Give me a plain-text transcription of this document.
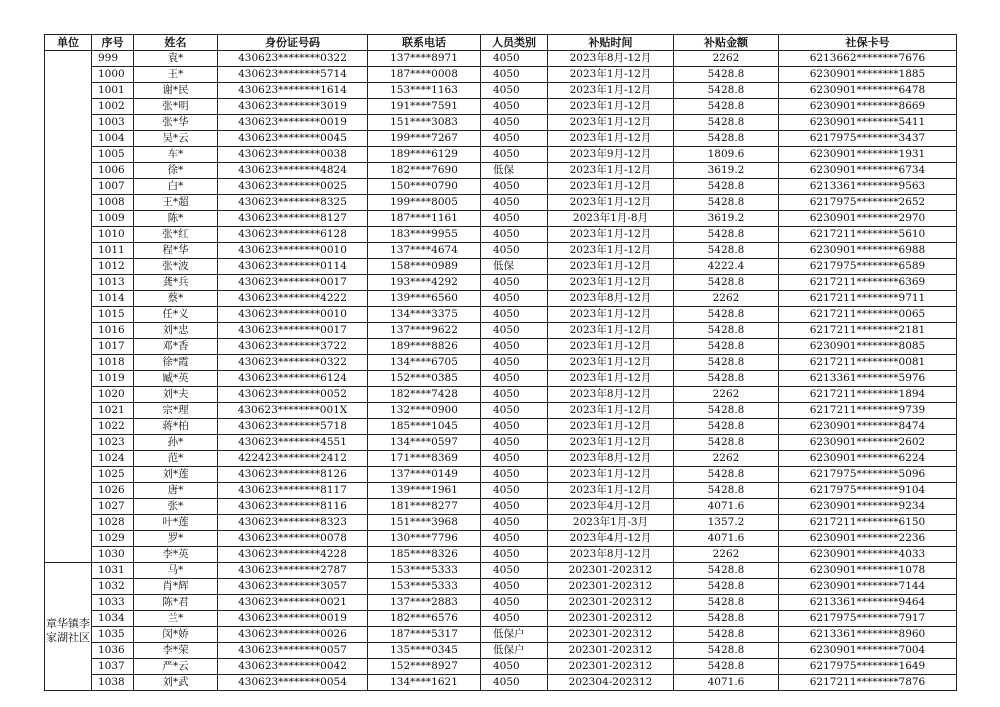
单位	序号	姓名	身份证号码	联系电话	人员类别	补贴时间	补贴金额	社保卡号
	999	袁*	430623********0322	137****8971	4050	2023年8月-12月	2262	6213662********7676
	1000	王*	430623********5714	187****0008	4050	2023年1月-12月	5428.8	6230901********1885
	1001	谢*民	430623********1614	153****1163	4050	2023年1月-12月	5428.8	6230901********6478
	1002	张*明	430623********3019	191****7591	4050	2023年1月-12月	5428.8	6230901********8669
	1003	张*华	430623********0019	151****3083	4050	2023年1月-12月	5428.8	6230901********5411
	1004	吴*云	430623********0045	199****7267	4050	2023年1月-12月	5428.8	6217975********3437
	1005	车*	430623********0038	189****6129	4050	2023年9月-12月	1809.6	6230901********1931
	1006	徐*	430623********4824	182****7690	低保	2023年1月-12月	3619.2	6230901********6734
	1007	白*	430623********0025	150****0790	4050	2023年1月-12月	5428.8	6213361********9563
	1008	王*超	430623********8325	199****8005	4050	2023年1月-12月	5428.8	6217975********2652
	1009	陈*	430623********8127	187****1161	4050	2023年1月-8月	3619.2	6230901********2970
	1010	张*红	430623********6128	183****9955	4050	2023年1月-12月	5428.8	6217211********5610
	1011	程*华	430623********0010	137****4674	4050	2023年1月-12月	5428.8	6230901********6988
	1012	张*波	430623********0114	158****0989	低保	2023年1月-12月	4222.4	6217975********6589
	1013	龚*兵	430623********0017	193****4292	4050	2023年1月-12月	5428.8	6217211********6369
	1014	蔡*	430623********4222	139****6560	4050	2023年8月-12月	2262	6217211********9711
	1015	任*义	430623********0010	134****3375	4050	2023年1月-12月	5428.8	6217211********0065
	1016	刘*忠	430623********0017	137****9622	4050	2023年1月-12月	5428.8	6217211********2181
	1017	邓*香	430623********3722	189****8826	4050	2023年1月-12月	5428.8	6230901********8085
	1018	徐*霞	430623********0322	134****6705	4050	2023年1月-12月	5428.8	6217211********0081
	1019	臧*英	430623********6124	152****0385	4050	2023年1月-12月	5428.8	6213361********5976
	1020	刘*夫	430623********0052	182****7428	4050	2023年8月-12月	2262	6217211********1894
	1021	宗*理	430623********001X	132****0900	4050	2023年1月-12月	5428.8	6217211********9739
	1022	蒋*柏	430623********5718	185****1045	4050	2023年1月-12月	5428.8	6230901********8474
	1023	孙*	430623********4551	134****0597	4050	2023年1月-12月	5428.8	6230901********2602
	1024	范*	422423********2412	171****8369	4050	2023年8月-12月	2262	6230901********6224
	1025	刘*莲	430623********8126	137****0149	4050	2023年1月-12月	5428.8	6217975********5096
	1026	唐*	430623********8117	139****1961	4050	2023年1月-12月	5428.8	6217975********9104
	1027	张*	430623********8116	181****8277	4050	2023年4月-12月	4071.6	6230901********9234
	1028	叶*莲	430623********8323	151****3968	4050	2023年1月-3月	1357.2	6217211********6150
	1029	罗*	430623********0078	130****7796	4050	2023年4月-12月	4071.6	6230901********2236
	1030	李*英	430623********4228	185****8326	4050	2023年8月-12月	2262	6230901********4033
章华镇李家湖社区	1031	马*	430623********2787	153****5333	4050	202301-202312	5428.8	6230901********1078
	1032	肖*辉	430623********3057	153****5333	4050	202301-202312	5428.8	6230901********7144
	1033	陈*君	430623********0021	137****2883	4050	202301-202312	5428.8	6213361********9464
	1034	兰*	430623********0019	182****6576	4050	202301-202312	5428.8	6217975********7917
	1035	闵*娇	430623********0026	187****5317	低保户	202301-202312	5428.8	6213361********8960
	1036	李*荣	430623********0057	135****0345	低保户	202301-202312	5428.8	6230901********7004
	1037	严*云	430623********0042	152****8927	4050	202301-202312	5428.8	6217975********1649
	1038	刘*武	430623********0054	134****1621	4050	202304-202312	4071.6	6217211********7876
